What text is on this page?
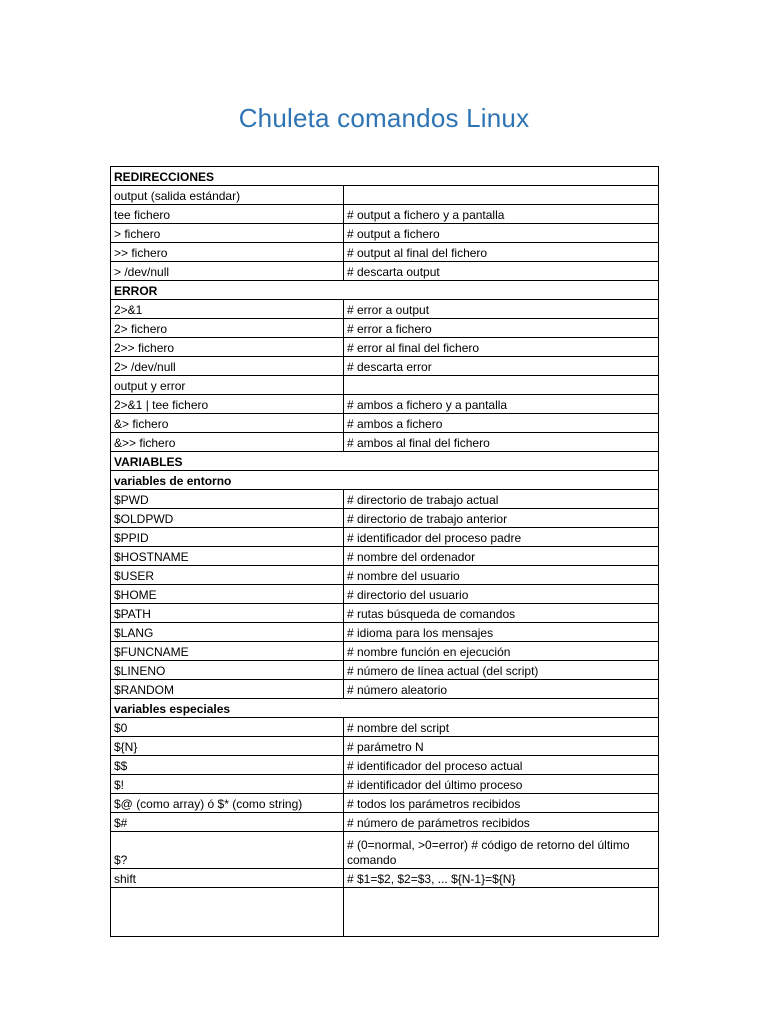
Chuleta comandos Linux
REDIRECCIONES	
output (salida estándar)	
tee fichero	# output a fichero y a pantalla
> fichero	# output a fichero
>> fichero	# output al final del fichero
> /dev/null	# descarta output
ERROR	
2>&1	# error a output
2> fichero	# error a fichero
2>> fichero	# error al final del fichero
2> /dev/null	# descarta error
output y error	
2>&1 | tee fichero	# ambos a fichero y a pantalla
&> fichero	# ambos a fichero
&>> fichero	# ambos al final del fichero
VARIABLES	
variables de entorno	
$PWD	# directorio de trabajo actual
$OLDPWD	# directorio de trabajo anterior
$PPID	# identificador del proceso padre
$HOSTNAME	# nombre del ordenador
$USER	# nombre del usuario
$HOME	# directorio del usuario
$PATH	# rutas búsqueda de comandos
$LANG	# idioma para los mensajes
$FUNCNAME	# nombre función en ejecución
$LINENO	# número de línea actual (del script)
$RANDOM	# número aleatorio
variables especiales	
$0	# nombre del script
${N}	# parámetro N
$$	# identificador del proceso actual
$!	# identificador del último proceso
$@ (como array) ó $* (como string)	# todos los parámetros recibidos
$#	# número de parámetros recibidos
$?	# (0=normal, >0=error) # código de retorno del último comando
shift	# $1=$2, $2=$3, ... ${N-1}=${N}
